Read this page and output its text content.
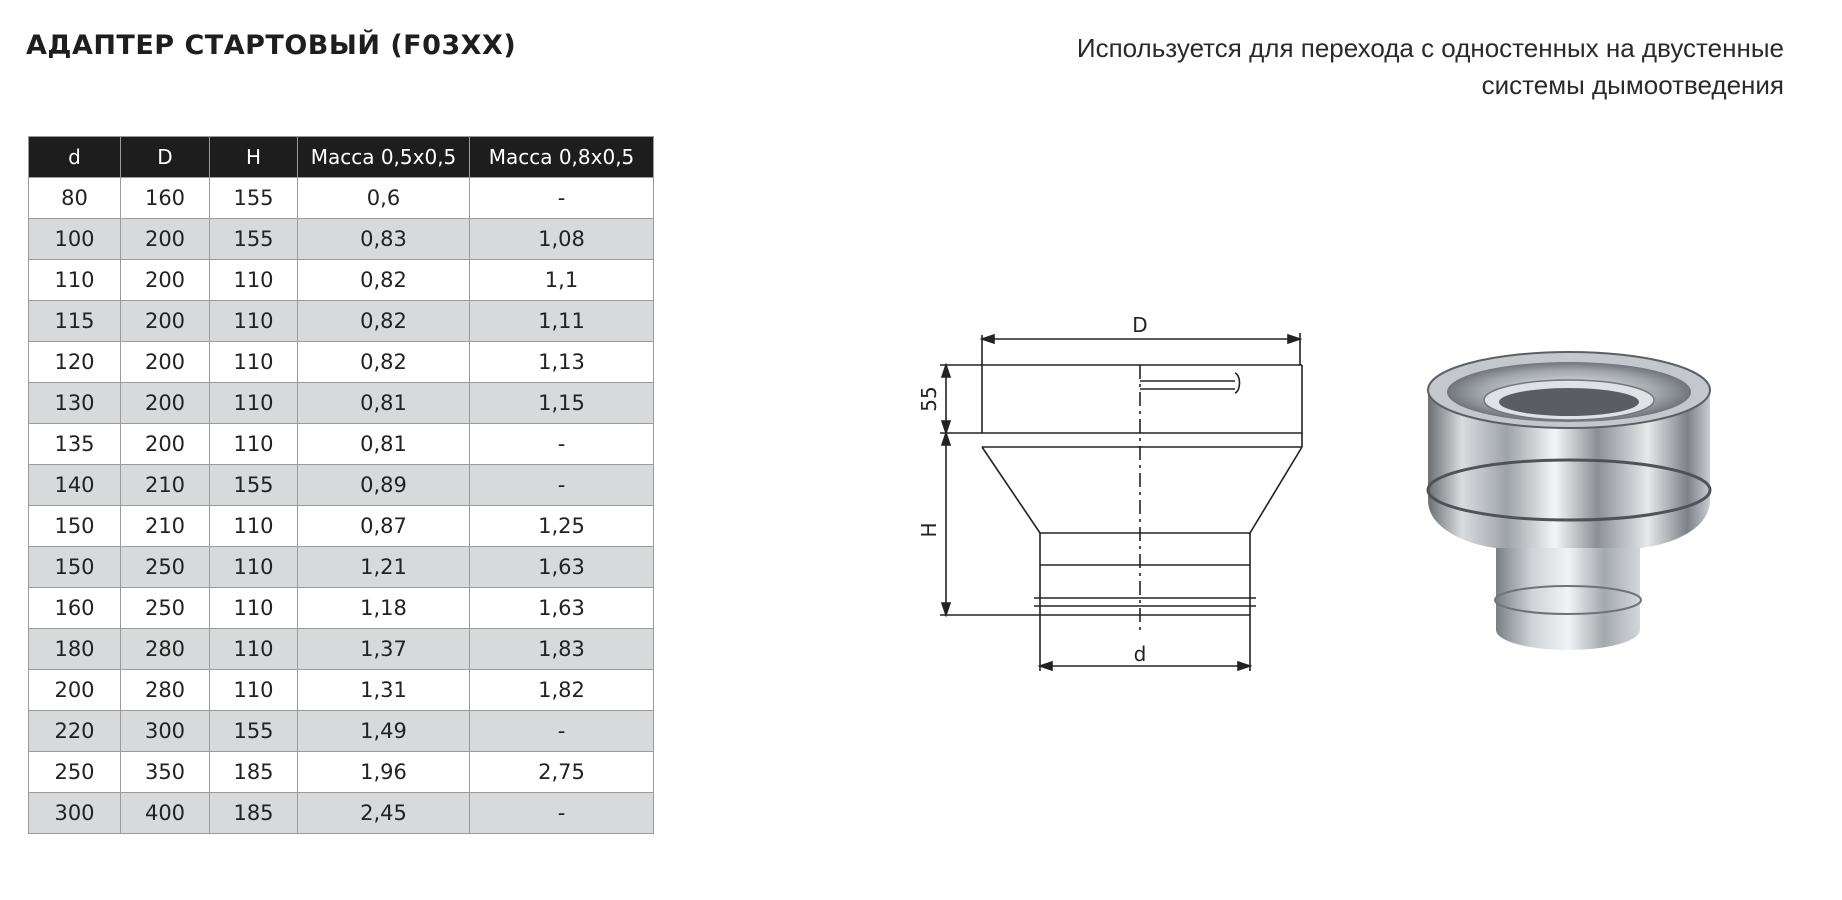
АДАПТЕР СТАРТОВЫЙ (F03XX)	Используется для перехода с одностенных на двустенные
системы дымоотведения
d	D	H	Масса 0,5х0,5	Масса 0,8х0,5
80	160	155	0,6	-
100	200	155	0,83	1,08
110	200	110	0,82	1,1
115	200	110	0,82	1,11
120	200	110	0,82	1,13
130	200	110	0,81	1,15
135	200	110	0,81	-
140	210	155	0,89	-
150	210	110	0,87	1,25
150	250	110	1,21	1,63
160	250	110	1,18	1,63
180	280	110	1,37	1,83
200	280	110	1,31	1,82
220	300	155	1,49	-
250	350	185	1,96	2,75
300	400	185	2,45	-
D
d
H
55
